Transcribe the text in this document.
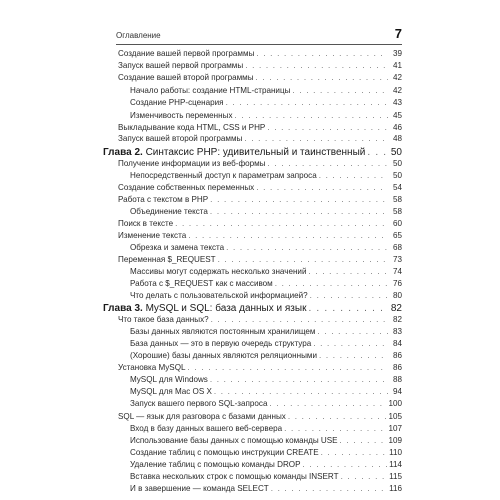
Оглавление	7
Создание вашей первой программы . . .	39
Запуск вашей первой программы . . .	41
Создание вашей второй программы . . .	42
Начало работы: создание HTML-страницы . . .	42
Создание PHP-сценария . . .	43
Изменчивость переменных . . .	45
Выкладывание кода HTML, CSS и PHP . . .	46
Запуск вашей второй программы . . .	48
Глава 2. Синтаксис PHP: удивительный и таинственный . . .	50
Получение информации из веб-формы . . .	50
Непосредственный доступ к параметрам запроса . . .	50
Создание собственных переменных . . .	54
Работа с текстом в PHP . . .	58
Объединение текста . . .	58
Поиск в тексте . . .	60
Изменение текста . . .	65
Обрезка и замена текста . . .	68
Переменная $_REQUEST . . .	73
Массивы могут содержать несколько значений . . .	74
Работа с $_REQUEST как с массивом . . .	76
Что делать с пользовательской информацией? . . .	80
Глава 3. MySQL и SQL: база данных и язык . . .	82
Что такое база данных? . . .	82
Базы данных являются постоянным хранилищем . . .	83
База данных — это в первую очередь структура . . .	84
(Хорошие) базы данных являются реляционными . . .	86
Установка MySQL . . .	86
MySQL для Windows . . .	88
MySQL для Mac OS X . . .	94
Запуск вашего первого SQL-запроса . . .	100
SQL — язык для разговора с базами данных . . .	105
Вход в базу данных вашего веб-сервера . . .	107
Использование базы данных с помощью команды USE . . .	109
Создание таблиц с помощью инструкции CREATE . . .	110
Удаление таблиц с помощью команды DROP . . .	114
Вставка нескольких строк с помощью команды INSERT . . .	115
И в завершение — команда SELECT . . .	116
